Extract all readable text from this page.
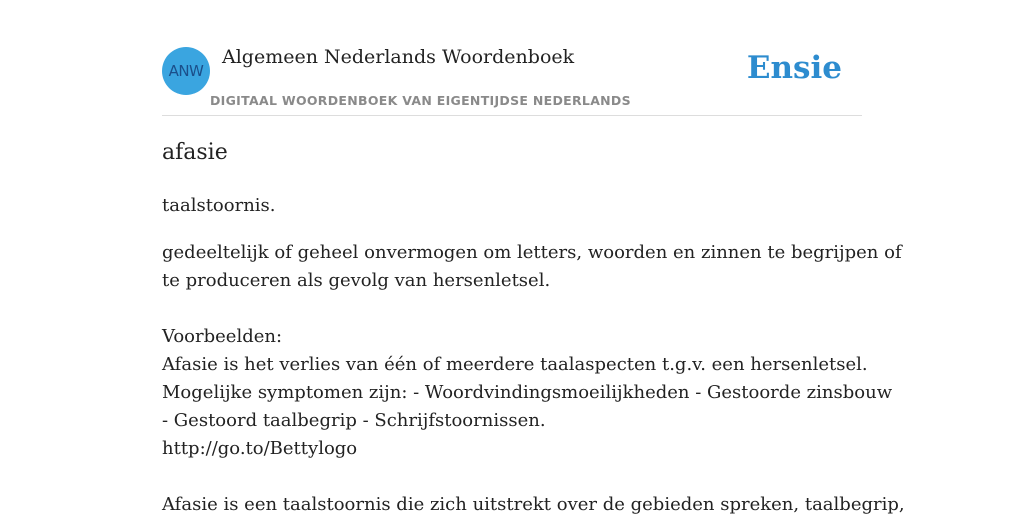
ANW
Algemeen Nederlands Woordenboek
DIGITAAL WOORDENBOEK VAN EIGENTIJDSE NEDERLANDS
Ensie
afasie
taalstoornis.
gedeeltelijk of geheel onvermogen om letters, woorden en zinnen te begrijpen of
te produceren als gevolg van hersenletsel.
Voorbeelden:
Afasie is het verlies van één of meerdere taalaspecten t.g.v. een hersenletsel.
Mogelijke symptomen zijn: - Woordvindingsmoeilijkheden - Gestoorde zinsbouw
- Gestoord taalbegrip - Schrijfstoornissen.
http://go.to/Bettylogo
Afasie is een taalstoornis die zich uitstrekt over de gebieden spreken, taalbegrip,
